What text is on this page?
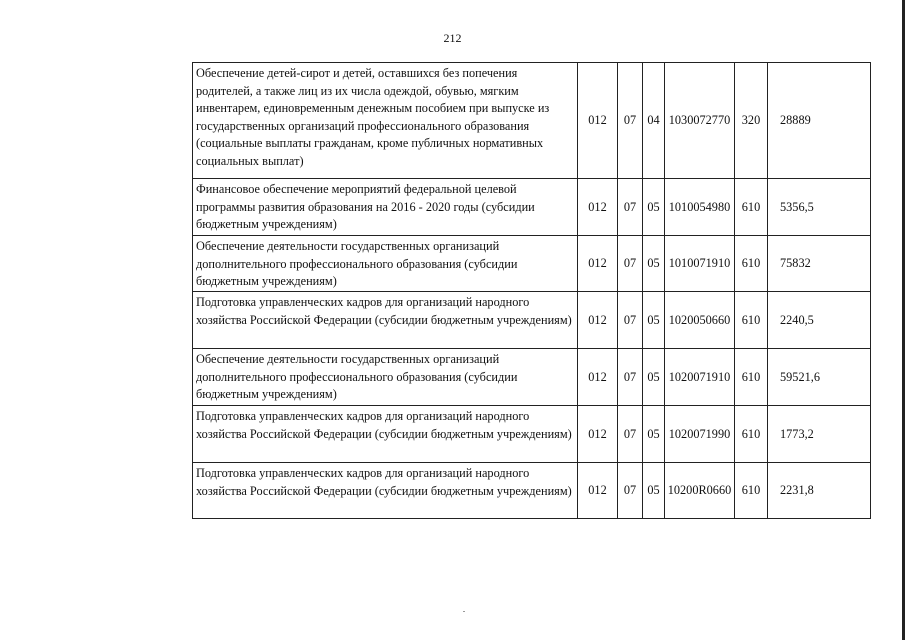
212
Обеспечение детей-сирот и детей, оставшихся без попечения родителей, а также лиц из их числа одеждой, обувью, мягким инвентарем, единовременным денежным пособием при выпуске из государственных организаций профессионального образования (социальные выплаты гражданам, кроме публичных нормативных социальных выплат)	012	07	04	1030072770	320	28889
Финансовое обеспечение мероприятий федеральной целевой программы развития образования на 2016 - 2020 годы (субсидии бюджетным учреждениям)	012	07	05	1010054980	610	5356,5
Обеспечение деятельности государственных организаций дополнительного профессионального образования (субсидии бюджетным учреждениям)	012	07	05	1010071910	610	75832
Подготовка управленческих кадров для организаций народного хозяйства Российской Федерации (субсидии бюджетным учреждениям)	012	07	05	1020050660	610	2240,5
Обеспечение деятельности государственных организаций дополнительного профессионального образования (субсидии бюджетным учреждениям)	012	07	05	1020071910	610	59521,6
Подготовка управленческих кадров для организаций народного хозяйства Российской Федерации (субсидии бюджетным учреждениям)	012	07	05	1020071990	610	1773,2
Подготовка управленческих кадров для организаций народного хозяйства Российской Федерации (субсидии бюджетным учреждениям)	012	07	05	10200R0660	610	2231,8
